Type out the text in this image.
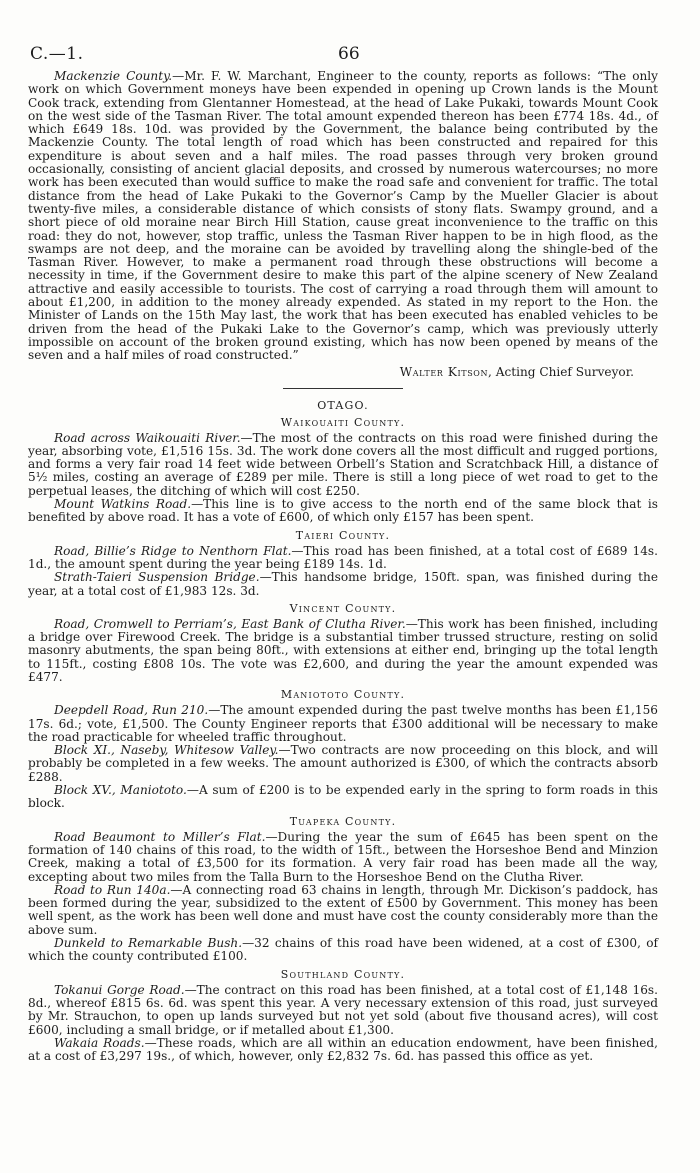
C.—1.	66

Mackenzie County.—Mr. F. W. Marchant, Engineer to the county, reports as follows: “The only work on which Government moneys have been expended in opening up Crown lands is the Mount Cook track, extending from Glentanner Homestead, at the head of Lake Pukaki, towards Mount Cook on the west side of the Tasman River. The total amount expended thereon has been £774 18s. 4d., of which £649 18s. 10d. was provided by the Government, the balance being contributed by the Mackenzie County. The total length of road which has been constructed and repaired for this expenditure is about seven and a half miles. The road passes through very broken ground occasionally, consisting of ancient glacial deposits, and crossed by numerous watercourses; no more work has been executed than would suffice to make the road safe and convenient for traffic. The total distance from the head of Lake Pukaki to the Governor’s Camp by the Mueller Glacier is about twenty-five miles, a considerable distance of which consists of stony flats. Swampy ground, and a short piece of old moraine near Birch Hill Station, cause great inconvenience to the traffic on this road: they do not, however, stop traffic, unless the Tasman River happen to be in high flood, as the swamps are not deep, and the moraine can be avoided by travelling along the shingle-bed of the Tasman River. However, to make a permanent road through these obstructions will become a necessity in time, if the Government desire to make this part of the alpine scenery of New Zealand attractive and easily accessible to tourists. The cost of carrying a road through them will amount to about £1,200, in addition to the money already expended. As stated in my report to the Hon. the Minister of Lands on the 15th May last, the work that has been executed has enabled vehicles to be driven from the head of the Pukaki Lake to the Governor’s camp, which was previously utterly impossible on account of the broken ground existing, which has now been opened by means of the seven and a half miles of road constructed.”

Walter Kitson, Acting Chief Surveyor.
OTAGO.
Waikouaiti County.

Road across Waikouaiti River.—The most of the contracts on this road were finished during the year, absorbing vote, £1,516 15s. 3d. The work done covers all the most difficult and rugged portions, and forms a very fair road 14 feet wide between Orbell’s Station and Scratchback Hill, a distance of 5½ miles, costing an average of £289 per mile. There is still a long piece of wet road to get to the perpetual leases, the ditching of which will cost £250.

Mount Watkins Road.—This line is to give access to the north end of the same block that is benefited by above road. It has a vote of £600, of which only £157 has been spent.

Taieri County.

Road, Billie’s Ridge to Nenthorn Flat.—This road has been finished, at a total cost of £689 14s. 1d., the amount spent during the year being £189 14s. 1d.

Strath-Taieri Suspension Bridge.—This handsome bridge, 150ft. span, was finished during the year, at a total cost of £1,983 12s. 3d.

Vincent County.

Road, Cromwell to Perriam’s, East Bank of Clutha River.—This work has been finished, including a bridge over Firewood Creek. The bridge is a substantial timber trussed structure, resting on solid masonry abutments, the span being 80ft., with extensions at either end, bringing up the total length to 115ft., costing £808 10s. The vote was £2,600, and during the year the amount expended was £477.

Maniototo County.

Deepdell Road, Run 210.—The amount expended during the past twelve months has been £1,156 17s. 6d.; vote, £1,500. The County Engineer reports that £300 additional will be necessary to make the road practicable for wheeled traffic throughout.

Block XI., Naseby, Whitesow Valley.—Two contracts are now proceeding on this block, and will probably be completed in a few weeks. The amount authorized is £300, of which the contracts absorb £288.

Block XV., Maniototo.—A sum of £200 is to be expended early in the spring to form roads in this block.

Tuapeka County.

Road Beaumont to Miller’s Flat.—During the year the sum of £645 has been spent on the formation of 140 chains of this road, to the width of 15ft., between the Horseshoe Bend and Minzion Creek, making a total of £3,500 for its formation. A very fair road has been made all the way, excepting about two miles from the Talla Burn to the Horseshoe Bend on the Clutha River.

Road to Run 140a.—A connecting road 63 chains in length, through Mr. Dickison’s paddock, has been formed during the year, subsidized to the extent of £500 by Government. This money has been well spent, as the work has been well done and must have cost the county considerably more than the above sum.

Dunkeld to Remarkable Bush.—32 chains of this road have been widened, at a cost of £300, of which the county contributed £100.

Southland County.

Tokanui Gorge Road.—The contract on this road has been finished, at a total cost of £1,148 16s. 8d., whereof £815 6s. 6d. was spent this year. A very necessary extension of this road, just surveyed by Mr. Strauchon, to open up lands surveyed but not yet sold (about five thousand acres), will cost £600, including a small bridge, or if metalled about £1,300.

Wakaia Roads.—These roads, which are all within an education endowment, have been finished, at a cost of £3,297 19s., of which, however, only £2,832 7s. 6d. has passed this office as yet.
